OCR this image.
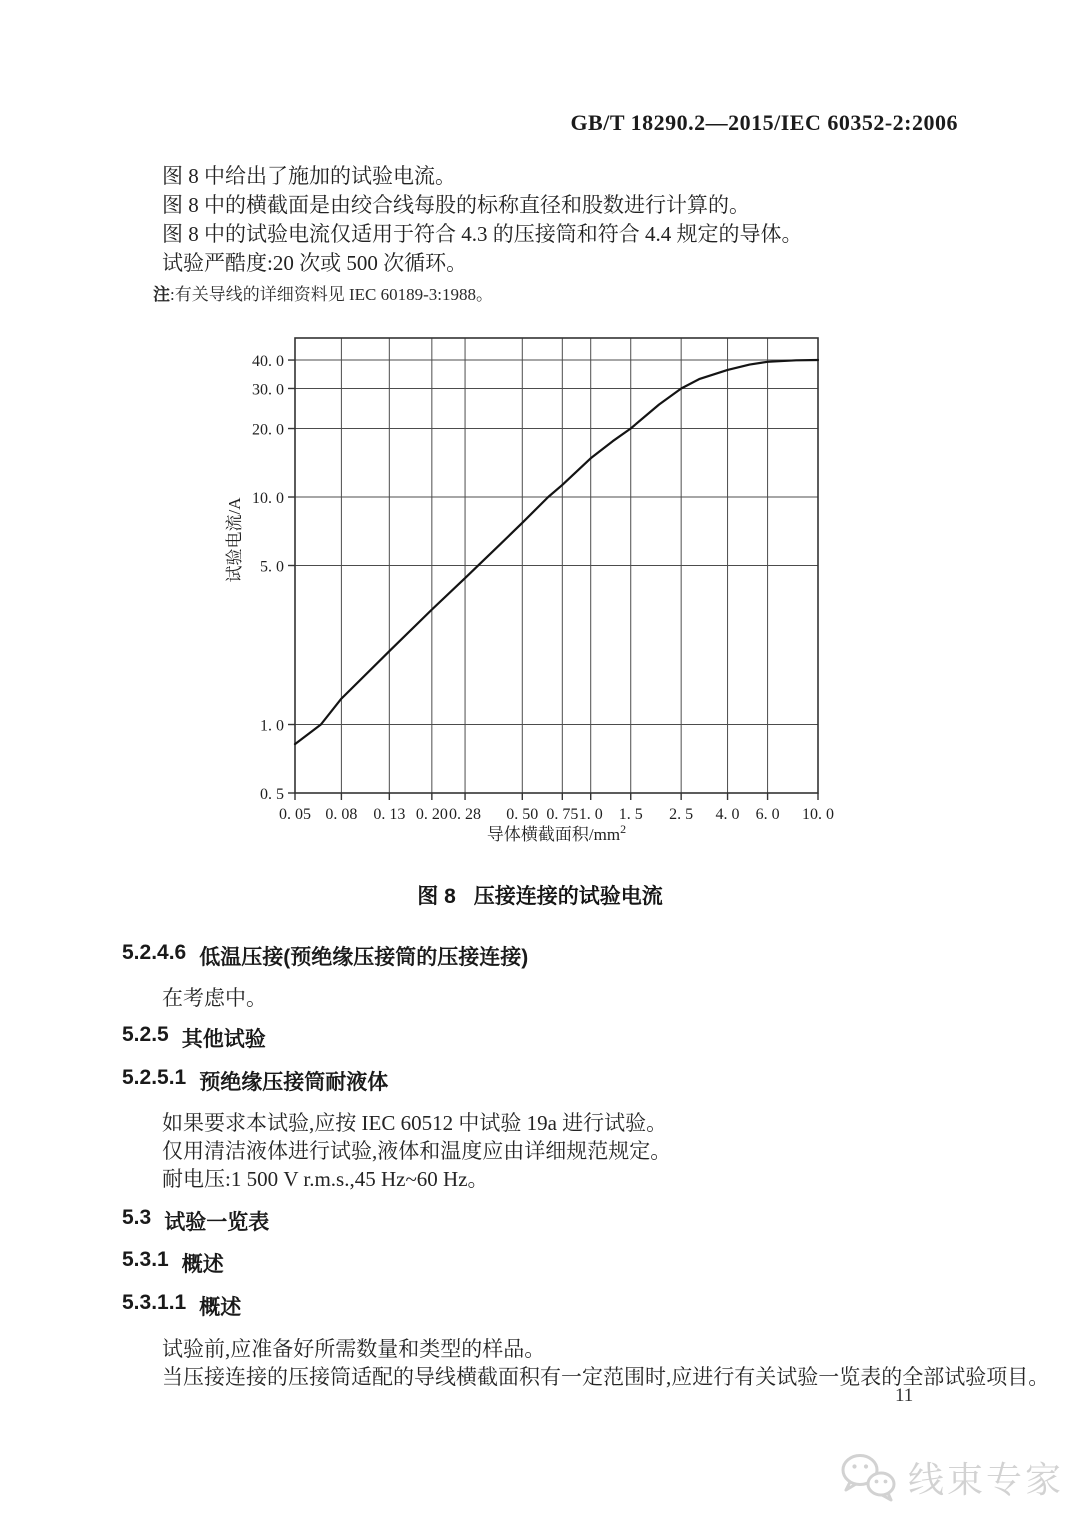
GB/T 18290.2—2015/IEC 60352-2:2006
图 8 中给出了施加的试验电流。
图 8 中的横截面是由绞合线每股的标称直径和股数进行计算的。
图 8 中的试验电流仅适用于符合 4.3 的压接筒和符合 4.4 规定的导体。
试验严酷度:20 次或 500 次循环。
注:有关导线的详细资料见 IEC 60189-3:1988。
0. 05 0. 08 0. 13 0. 20 0. 28 0. 50 0. 75 1. 0 1. 5 2. 5 4. 0 6. 0 10. 0
40. 0
30. 0
20. 0
10. 0
5. 0
1. 0
0. 5
试验电流/A
导体横截面积$/mm^2$
图 8 压接连接的试验电流
5.2.4.6 低温压接(预绝缘压接筒的压接连接)
在考虑中。
5.2.5 其他试验
5.2.5.1 预绝缘压接筒耐液体
如果要求本试验,应按 IEC 60512 中试验 19a 进行试验。
仅用清洁液体进行试验,液体和温度应由详细规范规定。
耐电压:1 500 V r.m.s.,45 Hz~60 Hz。
5.3 试验一览表
5.3.1 概述
5.3.1.1 概述
试验前,应准备好所需数量和类型的样品。
当压接连接的压接筒适配的导线横截面积有一定范围时,应进行有关试验一览表的全部试验项目。
11
线束专家
